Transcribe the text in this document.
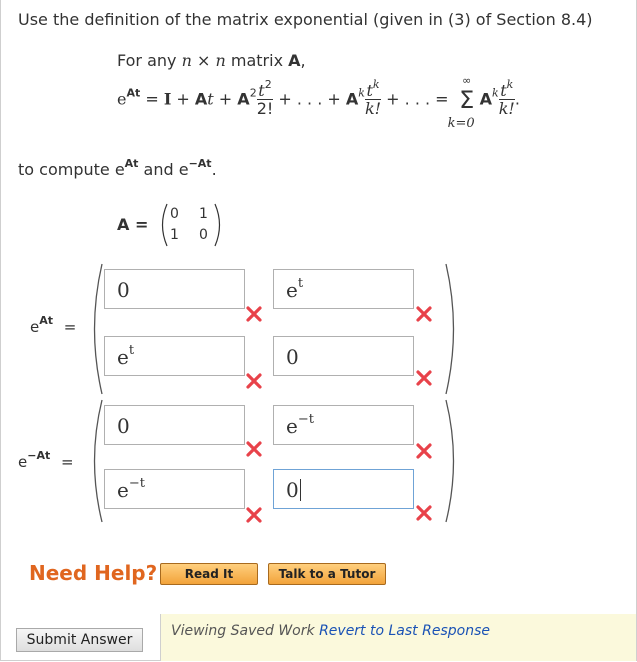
Use the definition of the matrix exponential (given in (3) of Section 8.4)
For any n × n matrix A,
$e^{At} = I + At + A^2 \frac{t^2}{2!}$ + . . . + $A^k \frac{t^k}{k!}$ + . . . =
∞
Σ
k=0
$A^k \frac{t^k}{k!}$ .
to compute $e^{At}$ and $e^{-At}$.
A =
0 1
1 0
$e^{At}$ =
0	$e^t$
$e^t$	0
$e^{-At}$ =
0	$e^{-t}$
$e^{-t}$	0
Need Help?	Read It	Talk to a Tutor
Submit Answer
Viewing Saved Work Revert to Last Response
